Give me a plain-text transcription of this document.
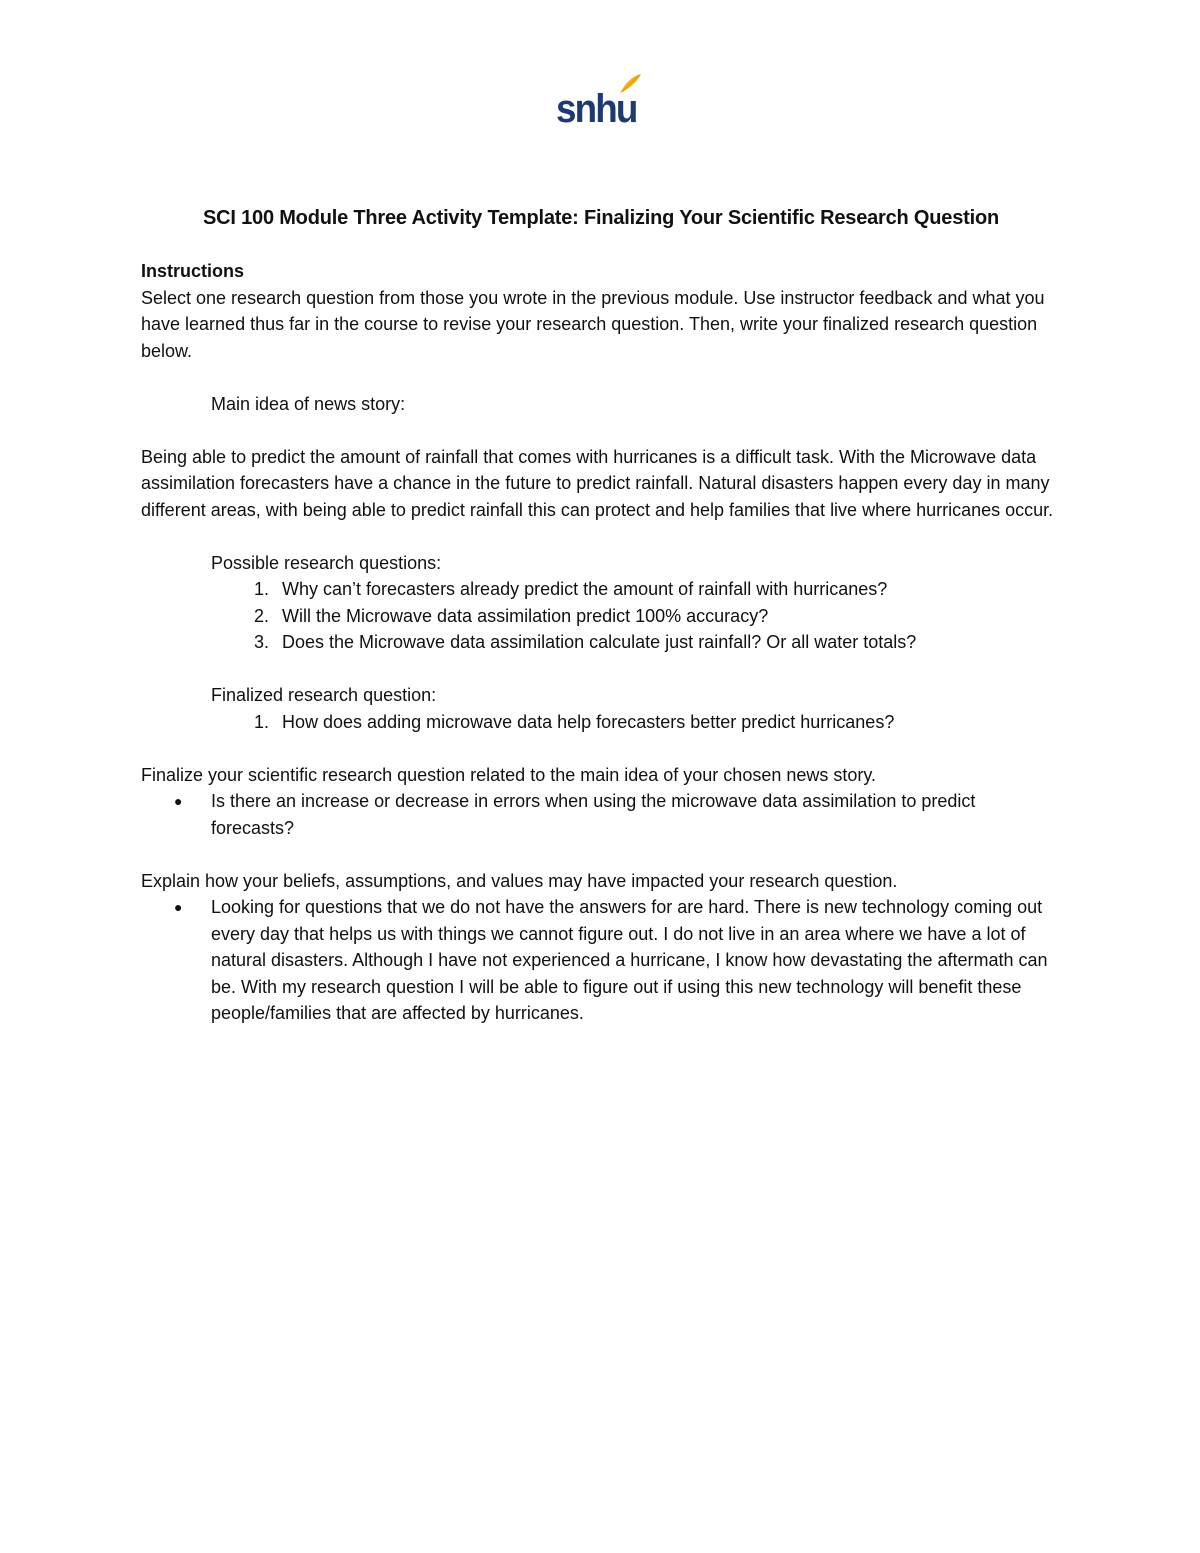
snhu
SCI 100 Module Three Activity Template: Finalizing Your Scientific Research Question

Instructions

Select one research question from those you wrote in the previous module. Use instructor feedback and what you have learned thus far in the course to revise your research question. Then, write your finalized research question below.

Main idea of news story:

Being able to predict the amount of rainfall that comes with hurricanes is a difficult task. With the Microwave data assimilation forecasters have a chance in the future to predict rainfall. Natural disasters happen every day in many different areas, with being able to predict rainfall this can protect and help families that live where hurricanes occur.

Possible research questions:

1. Why can’t forecasters already predict the amount of rainfall with hurricanes?
2. Will the Microwave data assimilation predict 100% accuracy?
3. Does the Microwave data assimilation calculate just rainfall? Or all water totals?

Finalized research question:

1. How does adding microwave data help forecasters better predict hurricanes?

Finalize your scientific research question related to the main idea of your chosen news story.

● Is there an increase or decrease in errors when using the microwave data assimilation to predict forecasts?

Explain how your beliefs, assumptions, and values may have impacted your research question.

● Looking for questions that we do not have the answers for are hard. There is new technology coming out every day that helps us with things we cannot figure out. I do not live in an area where we have a lot of natural disasters. Although I have not experienced a hurricane, I know how devastating the aftermath can be. With my research question I will be able to figure out if using this new technology will benefit these people/families that are affected by hurricanes.
